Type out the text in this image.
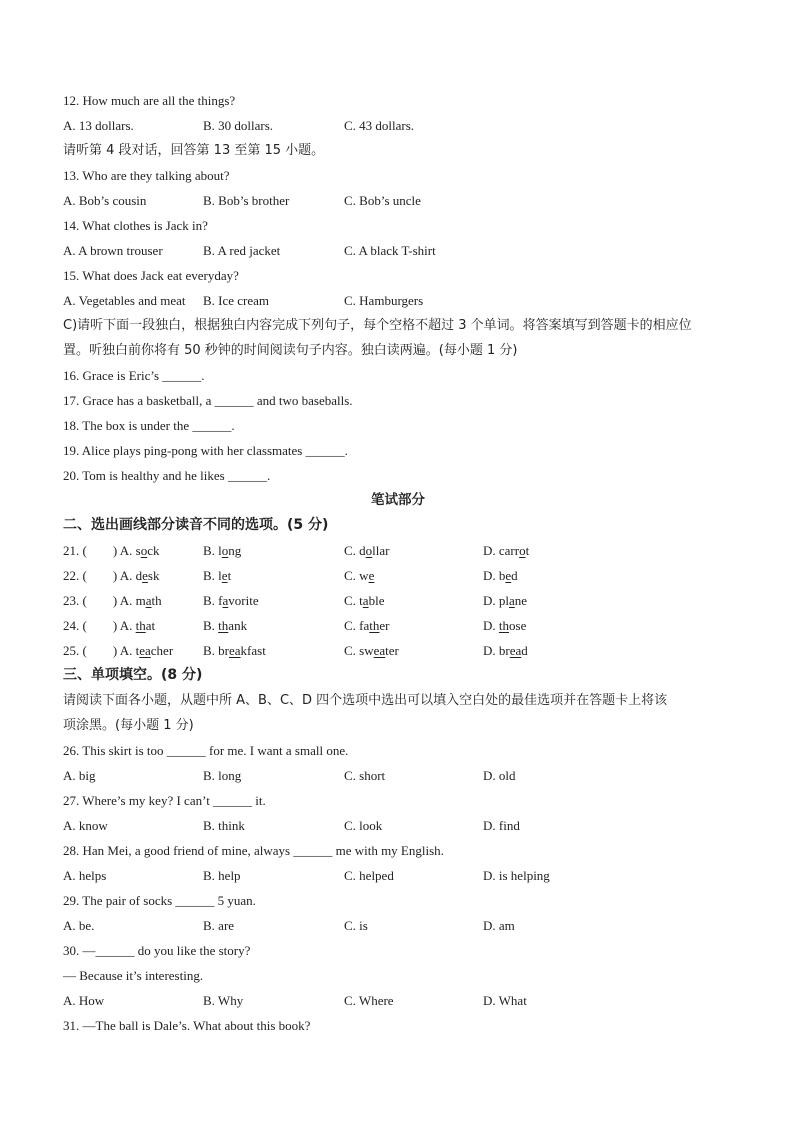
12. How much are all the things?
A. 13 dollars.	B. 30 dollars.	C. 43 dollars.
请听第 4 段对话，回答第 13 至第 15 小题。
13. Who are they talking about?
A. Bob’s cousin	B. Bob’s brother	C. Bob’s uncle
14. What clothes is Jack in?
A. A brown trouser	B. A red jacket	C. A black T-shirt
15. What does Jack eat everyday?
A. Vegetables and meat B. Ice cream	C. Hamburgers
C)请听下面一段独白，根据独白内容完成下列句子，每个空格不超过 3 个单词。将答案填写到答题卡的相应位
置。听独白前你将有 50 秒钟的时间阅读句子内容。独白读两遍。(每小题 1 分)
16. Grace is Eric’s ______.
17. Grace has a basketball, a ______ and two baseballs.
18. The box is under the ______.
19. Alice plays ping-pong with her classmates ______.
20. Tom is healthy and he likes ______.
笔试部分
二、选出画线部分读音不同的选项。(5 分)
21. ( ) A. sock	B. long	C. dollar	D. carrot
22. ( ) A. desk	B. let	C. we	D. bed
23. ( ) A. math	B. favorite	C. table	D. plane
24. ( ) A. that	B. thank	C. father	D. those
25. ( ) A. teacher B. breakfast	C. sweater	D. bread
三、单项填空。(8 分)
请阅读下面各小题，从题中所 A、B、C、D 四个选项中选出可以填入空白处的最佳选项并在答题卡上将该
项涂黑。(每小题 1 分)
26. This skirt is too ______ for me. I want a small one.
A. big	B. long	C. short	D. old
27. Where’s my key? I can’t ______ it.
A. know	B. think	C. look	D. find
28. Han Mei, a good friend of mine, always ______ me with my English.
A. helps	B. help	C. helped	D. is helping
29. The pair of socks ______ 5 yuan.
A. be.	B. are	C. is	D. am
30. —______ do you like the story?
— Because it’s interesting.
A. How	B. Why	C. Where	D. What
31. —The ball is Dale’s. What about this book?
